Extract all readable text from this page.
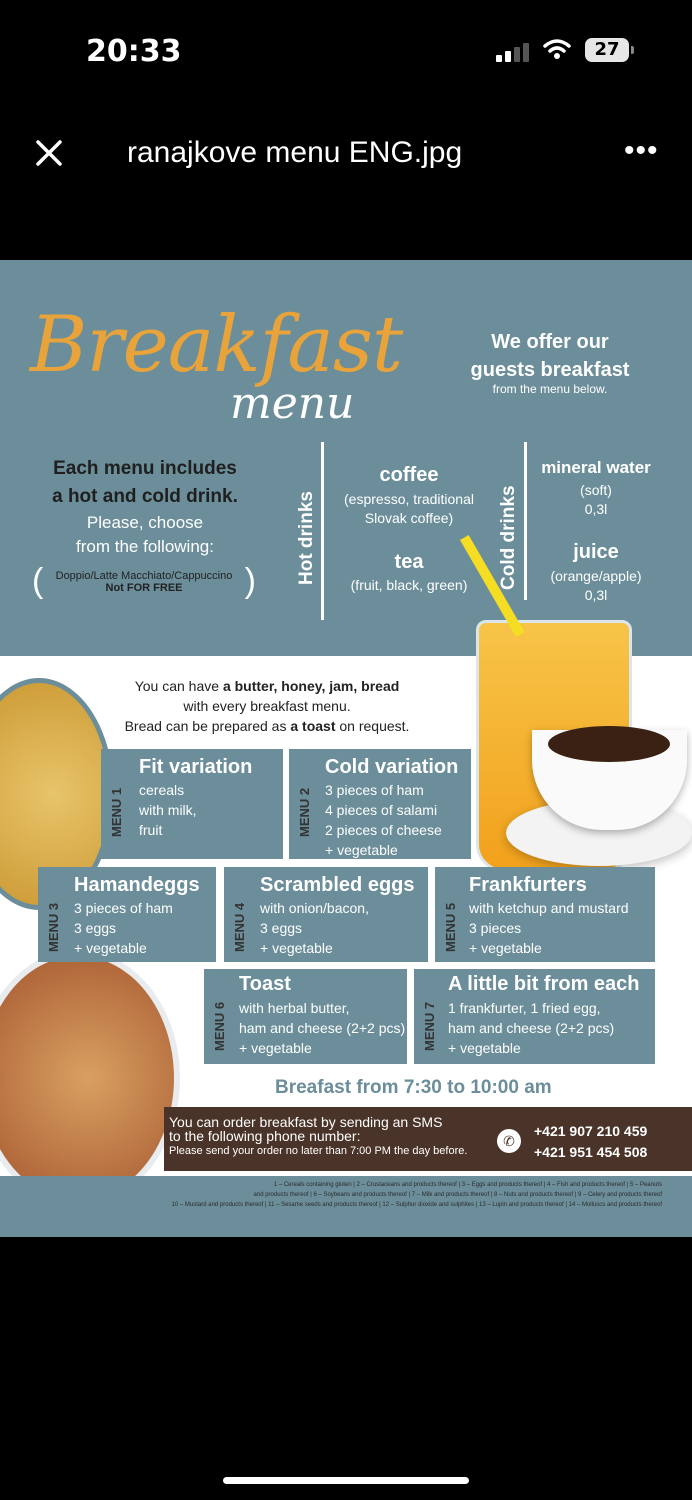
20:33	27
ranajkove menu ENG.jpg	•••
Breakfast
menu
We offer our
guests breakfast
from the menu below.
Each menu includes
a hot and cold drink.
Please, choose
from the following:
(	Doppio/Latte Macchiato/Cappuccino
Not FOR FREE	) Hot drinks	Cold drinks
coffee
(espresso, traditional
Slovak coffee)
tea
(fruit, black, green)
mineral water
(soft)
0,3l
juice
(orange/apple)
0,3l
You can have a butter, honey, jam, bread
with every breakfast menu.
Bread can be prepared as a toast on request.
MENU 1
Fit variation
cereals
with milk,
fruit	MENU 2
Cold variation
3 pieces of ham
4 pieces of salami
2 pieces of cheese
+ vegetable
MENU 3
Hamandeggs
3 pieces of ham
3 eggs
+ vegetable	MENU 4
Scrambled eggs
with onion/bacon,
3 eggs
+ vegetable	MENU 5
Frankfurters
with ketchup and mustard
3 pieces
+ vegetable
MENU 6
Toast
with herbal butter,
ham and cheese (2+2 pcs)
+ vegetable	MENU 7
A little bit from each
1 frankfurter, 1 fried egg,
ham and cheese (2+2 pcs)
+ vegetable
Breafast from 7:30 to 10:00 am
You can order breakfast by sending an SMS
to the following phone number:
Please send your order no later than 7:00 PM the day before.
✆
+421 907 210 459
+421 951 454 508
1 – Cereals containing gluten | 2 – Crustaceans and products thereof | 3 – Eggs and products thereof | 4 – Fish and products thereof | 5 – Peanuts
and products thereof | 6 – Soybeans and products thereof | 7 – Milk and products thereof | 8 – Nuts and products thereof | 9 – Celery and products thereof
10 – Mustard and products thereof | 11 – Sesame seeds and products thereof | 12 – Sulphur dioxide and sulphites | 13 – Lupin and products thereof | 14 – Molluscs and products thereof
